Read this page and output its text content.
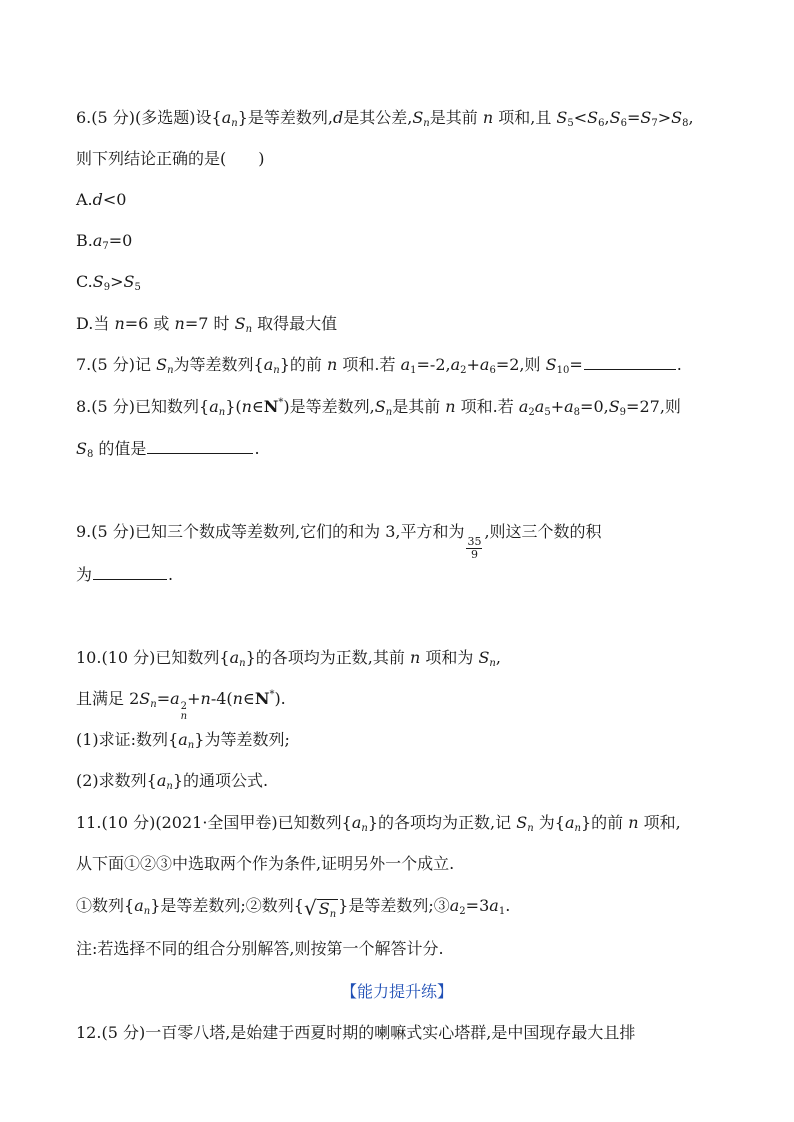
6.(5 分)(多选题)设$\{a_n\}$是等差数列,d是其公差$,S_n$是其前 n 项和,且 $S_5<S_6,S_6=S_7>S_8$,
则下列结论正确的是( )
A.d<0
$B.a_7=0$
$C.S_9>S_5$
D.当 n=6 或 n=7 时 $S_n$ 取得最大值
7.(5 分)记 $S_n$为等差数列$\{a_n\}$的前 n 项和.若 $a_1=-2,a_2+a_6=2$,则 $S_{10}=$	.
8.(5 分)已知数列$\{a_n\}(n\in N^*)$是等差数列$,S_n$是其前 n 项和.若 $a_2a_5+a_8=0,S_9=27$,则
$S_8$ 的值是	.
9.(5 分)已知三个数成等差数列,它们的和为 3,平方和为
$\frac{35}{9}$
,则这三个数的积
为	.
10.(10 分)已知数列$\{a_n\}$的各项均为正数,其前 n 项和为 $S_n$,
且满足 $2S_n=a$ 2
n
+n-4(n∈N*).
(1)求证:数列$\{a_n\}$为等差数列;
(2)求数列$\{a_n\}$的通项公式.
11.(10 分)(2021·全国甲卷)已知数列$\{a_n\}$的各项均为正数,记 $S_n$ 为$\{a_n\}$的前 n 项和,
从下面①②③中选取两个作为条件,证明另外一个成立.
①数列$\{a_n\}$是等差数列;②数列{ √ $S_n$ }是等差数列$;③a_2=3a_1$.
注:若选择不同的组合分别解答,则按第一个解答计分.
【能力提升练】
12.(5 分)一百零八塔,是始建于西夏时期的喇嘛式实心塔群,是中国现存最大且排
